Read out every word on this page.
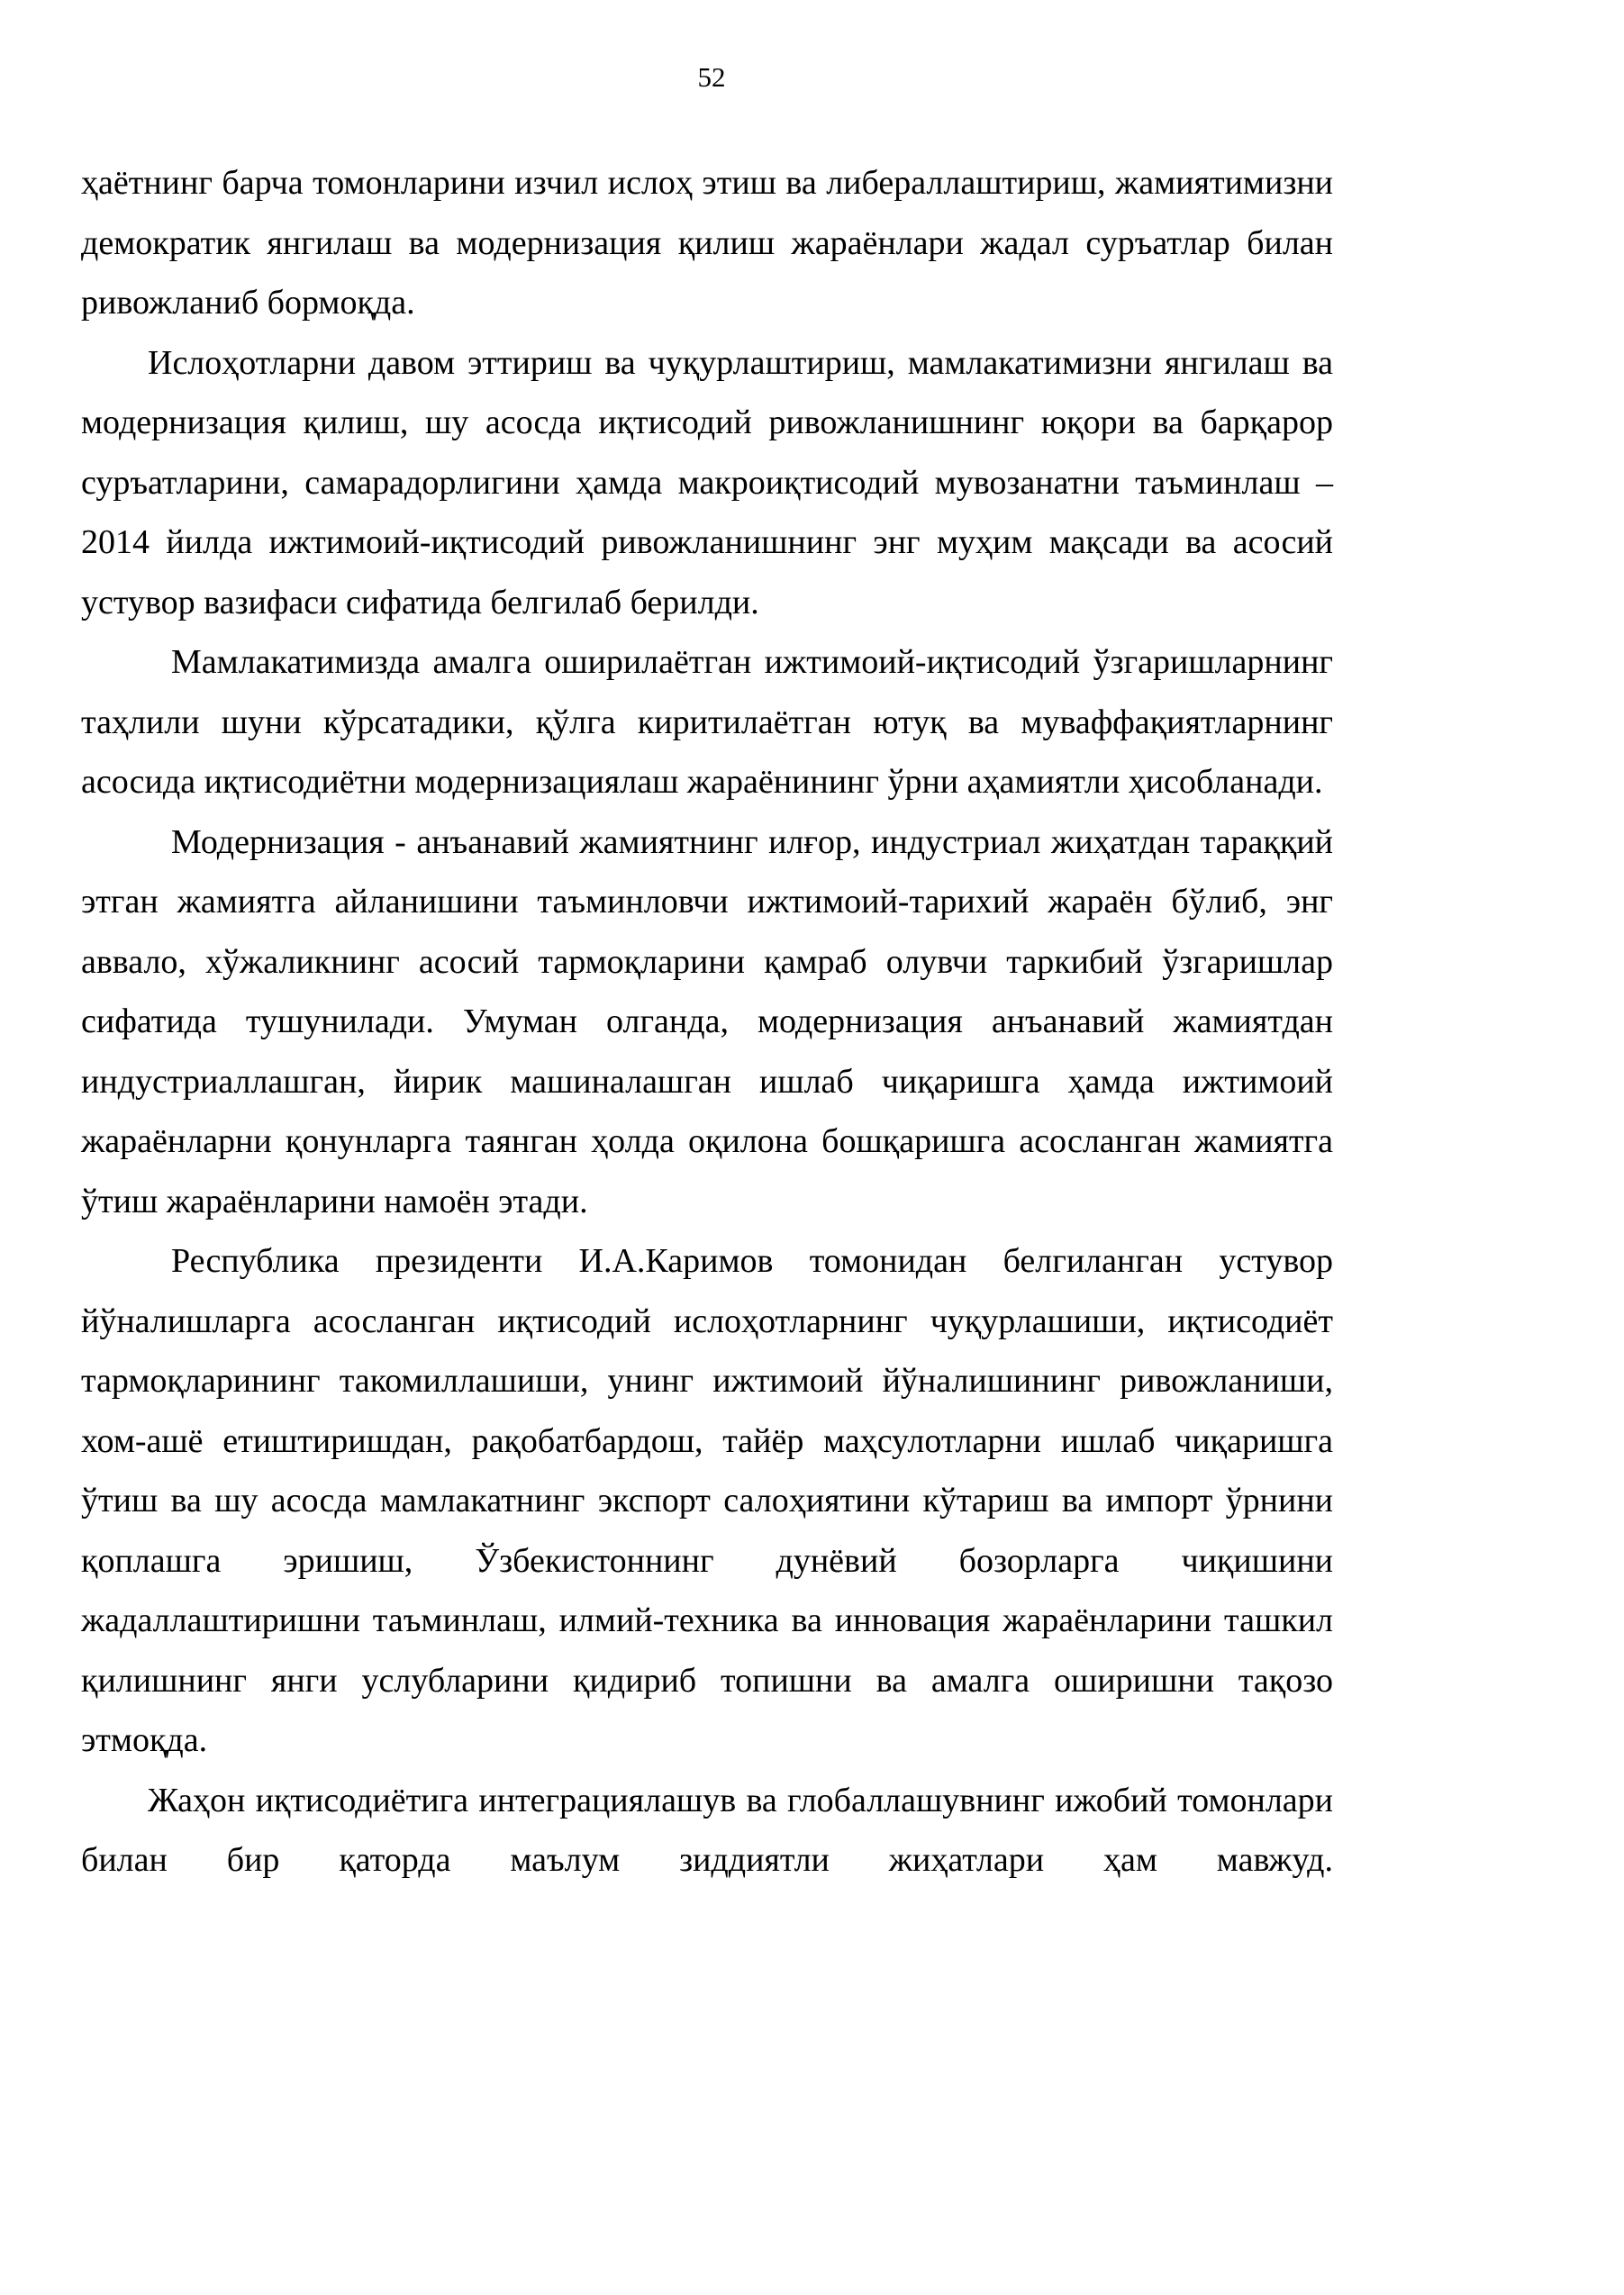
52

ҳаётнинг барча томонларини изчил ислоҳ этиш ва либераллаштириш, жамиятимизни демократик янгилаш ва модернизация қилиш жараёнлари жадал суръатлар билан ривожланиб бормоқда.

Ислоҳотларни давом эттириш ва чуқурлаштириш, мамлакатимизни янгилаш ва модернизация қилиш, шу асосда иқтисодий ривожланишнинг юқори ва барқарор суръатларини, самарадорлигини ҳамда макроиқтисодий мувозанатни таъминлаш – 2014 йилда ижтимоий-иқтисодий ривожланишнинг энг муҳим мақсади ва асосий устувор вазифаси сифатида белгилаб берилди.

Мамлакатимизда амалга оширилаётган ижтимоий-иқтисодий ўзгаришларнинг таҳлили шуни кўрсатадики, қўлга киритилаётган ютуқ ва муваффақиятларнинг асосида иқтисодиётни модернизациялаш жараёнининг ўрни аҳамиятли ҳисобланади.

Модернизация - анъанавий жамиятнинг илғор, индустриал жиҳатдан тараққий этган жамиятга айланишини таъминловчи ижтимоий-тарихий жараён бўлиб, энг аввало, хўжаликнинг асосий тармоқларини қамраб олувчи таркибий ўзгаришлар сифатида тушунилади. Умуман олганда, модернизация анъанавий жамиятдан индустриаллашган, йирик машиналашган ишлаб чиқаришга ҳамда ижтимоий жараёнларни қонунларга таянган ҳолда оқилона бошқаришга асосланган жамиятга ўтиш жараёнларини намоён этади.

Республика президенти И.А.Каримов томонидан белгиланган устувор йўналишларга асосланган иқтисодий ислоҳотларнинг чуқурлашиши, иқтисодиёт тармоқларининг такомиллашиши, унинг ижтимоий йўналишининг ривожланиши, хом-ашё етиштиришдан, рақобатбардош, тайёр маҳсулотларни ишлаб чиқаришга ўтиш ва шу асосда мамлакатнинг экспорт салоҳиятини кўтариш ва импорт ўрнини қоплашга эришиш, Ўзбекистоннинг дунёвий бозорларга чиқишини жадаллаштиришни таъминлаш, илмий-техника ва инновация жараёнларини ташкил қилишнинг янги услубларини қидириб топишни ва амалга оширишни тақозо этмоқда.

Жаҳон иқтисодиётига интеграциялашув ва глобаллашувнинг ижобий томонлари билан бир қаторда маълум зиддиятли жиҳатлари ҳам мавжуд.
